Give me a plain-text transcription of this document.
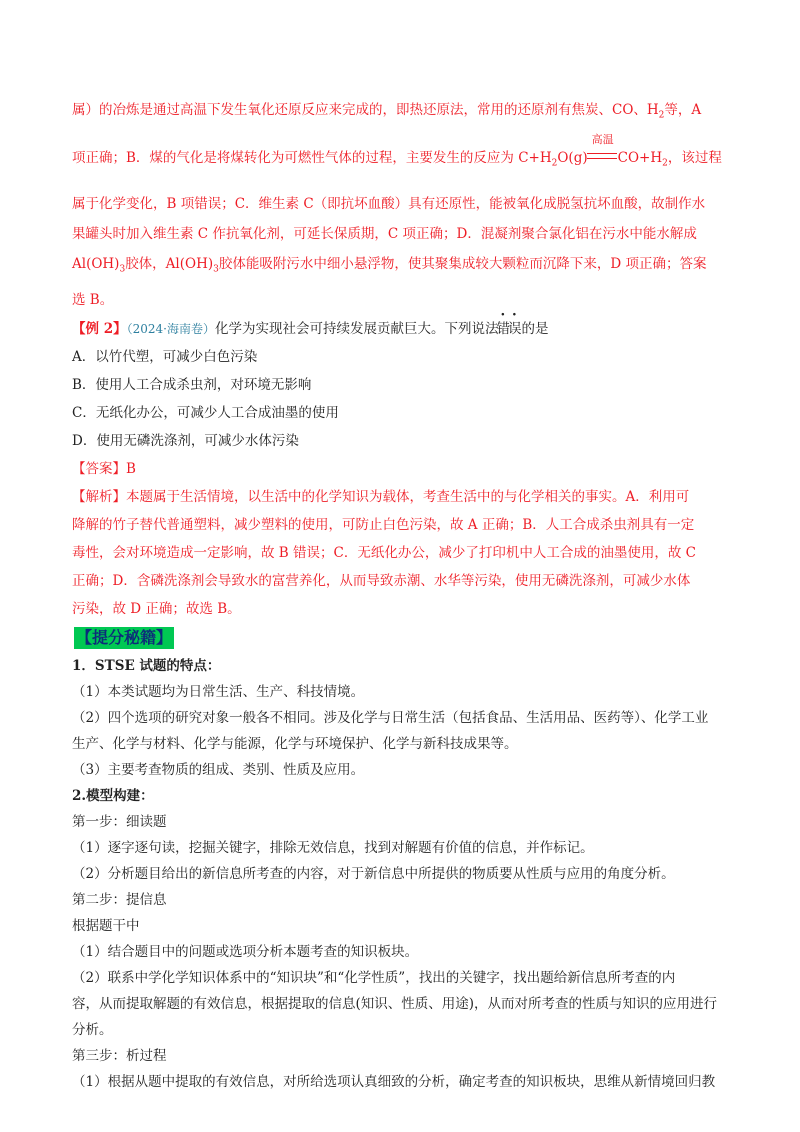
属）的冶炼是通过高温下发生氧化还原反应来完成的，即热还原法，常用的还原剂有焦炭、CO、$H_2$等，A

项正确；B．煤的气化是将煤转化为可燃性气体的过程，主要发生的反应为 $C+H_2O(g)$
高温
$CO+H_2$，该过程

属于化学变化，B 项错误；C．维生素 C（即抗坏血酸）具有还原性，能被氧化成脱氢抗坏血酸，故制作水

果罐头时加入维生素 C 作抗氧化剂，可延长保质期，C 项正确；D．混凝剂聚合氯化铝在污水中能水解成

$Al(OH)_3$胶体，$Al(OH)_3$胶体能吸附污水中细小悬浮物，使其聚集成较大颗粒而沉降下来，D 项正确；答案

选 B。

【例 2】（2024·海南卷）化学为实现社会可持续发展贡献巨大。下列说法错误的是

A．以竹代塑，可减少白色污染

B．使用人工合成杀虫剂，对环境无影响

C．无纸化办公，可减少人工合成油墨的使用

D．使用无磷洗涤剂，可减少水体污染

【答案】B

【解析】本题属于生活情境，以生活中的化学知识为载体，考查生活中的与化学相关的事实。A．利用可

降解的竹子替代普通塑料，减少塑料的使用，可防止白色污染，故 A 正确；B．人工合成杀虫剂具有一定

毒性，会对环境造成一定影响，故 B 错误；C．无纸化办公，减少了打印机中人工合成的油墨使用，故 C

正确；D．含磷洗涤剂会导致水的富营养化，从而导致赤潮、水华等污染，使用无磷洗涤剂，可减少水体

污染，故 D 正确；故选 B。

【提分秘籍】

1．STSE 试题的特点：

（1）本类试题均为日常生活、生产、科技情境。

（2）四个选项的研究对象一般各不相同。涉及化学与日常生活（包括食品、生活用品、医药等）、化学工业

生产、化学与材料、化学与能源，化学与环境保护、化学与新科技成果等。

（3）主要考查物质的组成、类别、性质及应用。

2.模型构建：

第一步：细读题

（1）逐字逐句读，挖掘关键字，排除无效信息，找到对解题有价值的信息，并作标记。

（2）分析题目给出的新信息所考查的内容，对于新信息中所提供的物质要从性质与应用的角度分析。

第二步：提信息

根据题干中

（1）结合题目中的问题或选项分析本题考查的知识板块。

（2）联系中学化学知识体系中的“知识块”和“化学性质”，找出的关键字，找出题给新信息所考查的内

容，从而提取解题的有效信息，根据提取的信息(知识、性质、用途)，从而对所考查的性质与知识的应用进行

分析。

第三步：析过程

（1）根据从题中提取的有效信息，对所给选项认真细致的分析，确定考查的知识板块，思维从新情境回归教
